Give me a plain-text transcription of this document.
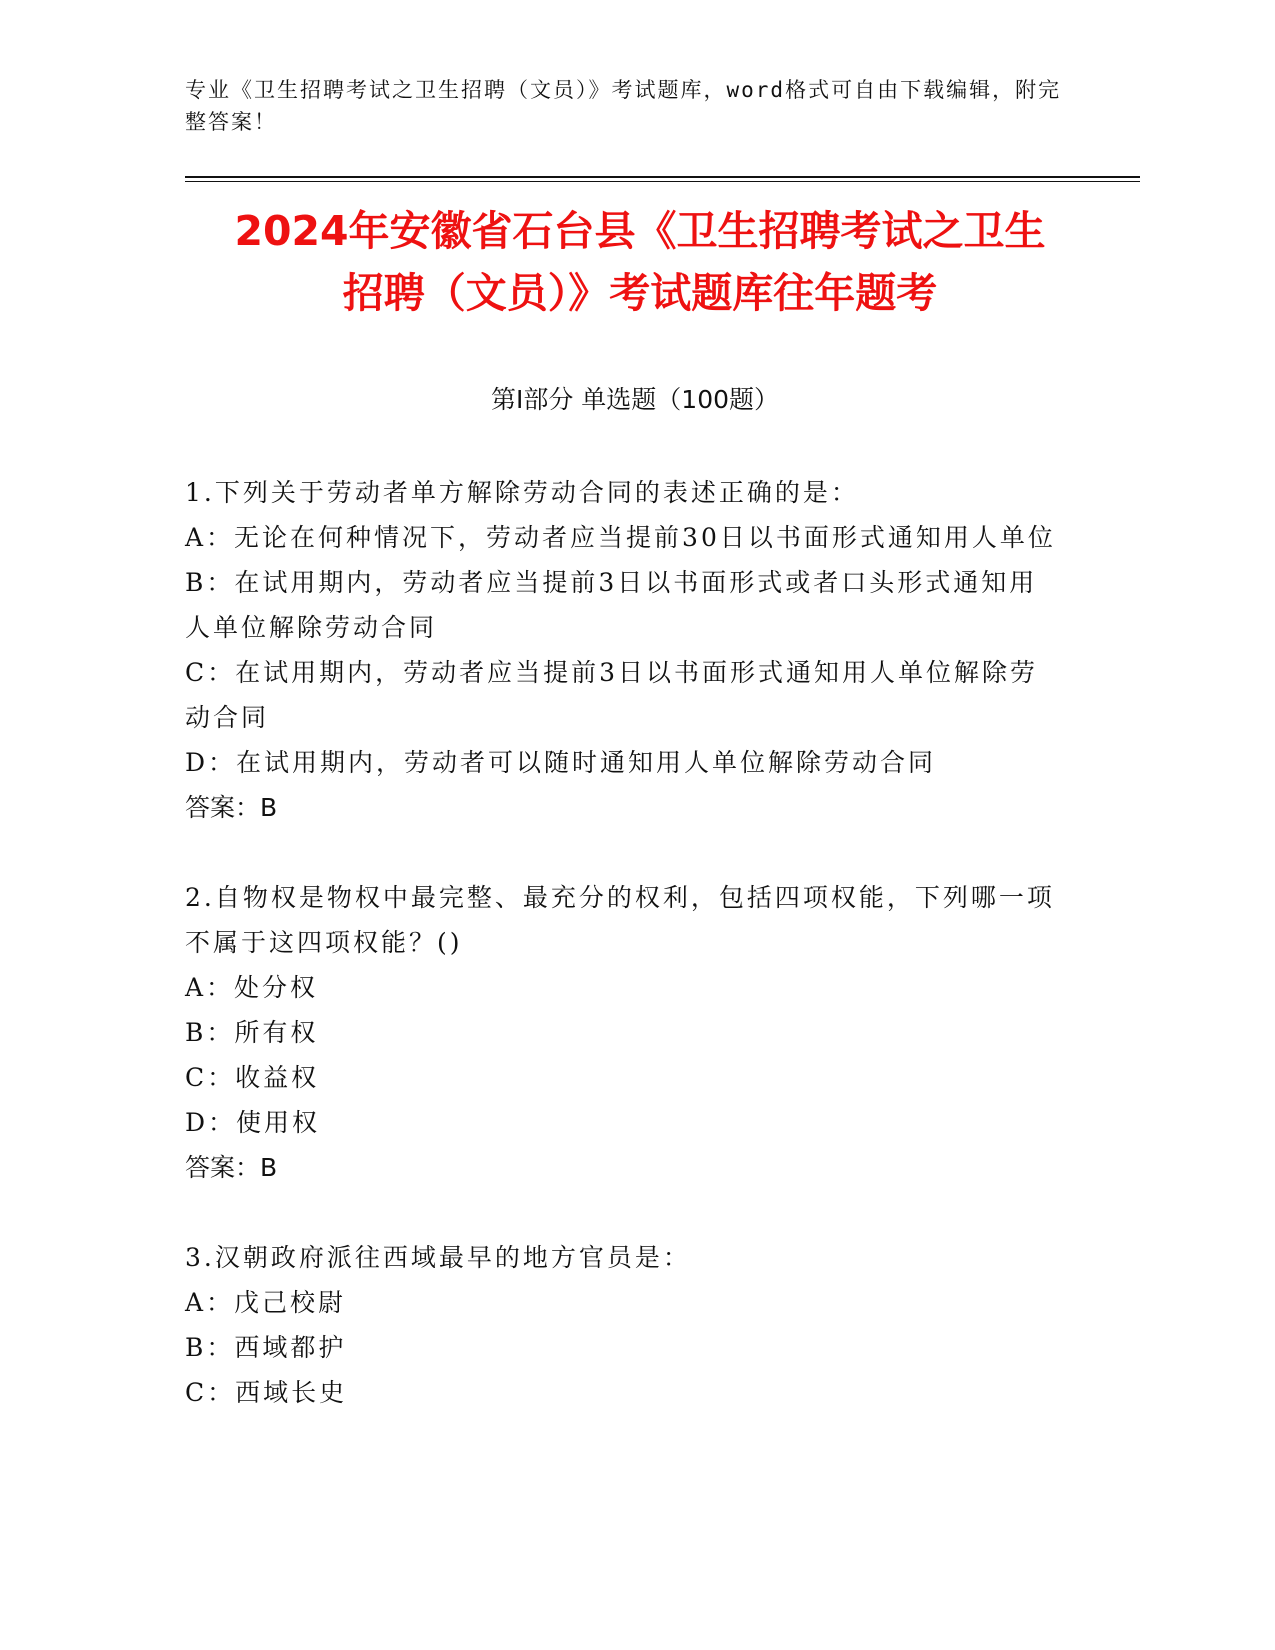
专业《卫生招聘考试之卫生招聘（文员）》考试题库，word格式可自由下载编辑，附完整答案！
2024年安徽省石台县《卫生招聘考试之卫生
招聘（文员）》考试题库往年题考
第I部分 单选题（100题）

1.下列关于劳动者单方解除劳动合同的表述正确的是：

A：无论在何种情况下，劳动者应当提前30日以书面形式通知用人单位

B：在试用期内，劳动者应当提前3日以书面形式或者口头形式通知用人单位解除劳动合同

C：在试用期内，劳动者应当提前3日以书面形式通知用人单位解除劳动合同

D：在试用期内，劳动者可以随时通知用人单位解除劳动合同

答案：B

2.自物权是物权中最完整、最充分的权利，包括四项权能，下列哪一项不属于这四项权能？()

A：处分权

B：所有权

C：收益权

D：使用权

答案：B

3.汉朝政府派往西域最早的地方官员是：

A：戊己校尉

B：西域都护

C：西域长史
